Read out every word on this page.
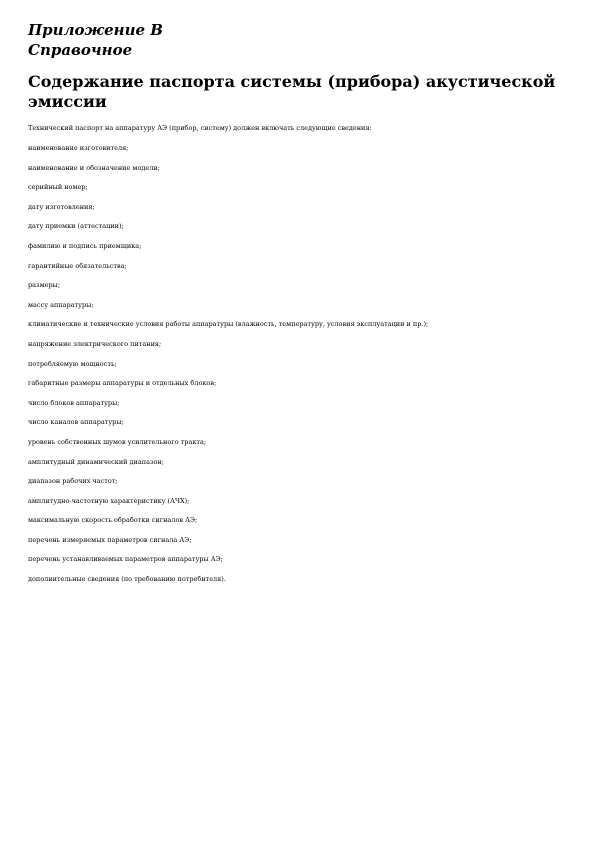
Приложение В
Справочное
Содержание паспорта системы (прибора) акустической
эмиссии

Технический паспорт на аппаратуру АЭ (прибор, систему) должен включать следующие сведения:

наименование изготовителя;
наименование и обозначение модели;
серийный номер;
дату изготовления;
дату приемки (аттестации);
фамилию и подпись приемщика;
гарантийные обязательства;
размеры;
массу аппаратуры;
климатические и технические условия работы аппаратуры (влажность, температуру, условия эксплуатации и пр.);
напряжение электрического питания;
потребляемую мощность;
габаритные размеры аппаратуры и отдельных блоков;
число блоков аппаратуры;
число каналов аппаратуры;
уровень собственных шумов усилительного тракта;
амплитудный динамический диапазон;
диапазон рабочих частот;
амплитудно-частотную характеристику (АЧХ);
максимальную скорость обработки сигналов АЭ;
перечень измеряемых параметров сигнала АЭ;
перечень устанавливаемых параметров аппаратуры АЭ;
дополнительные сведения (по требованию потребителя).
